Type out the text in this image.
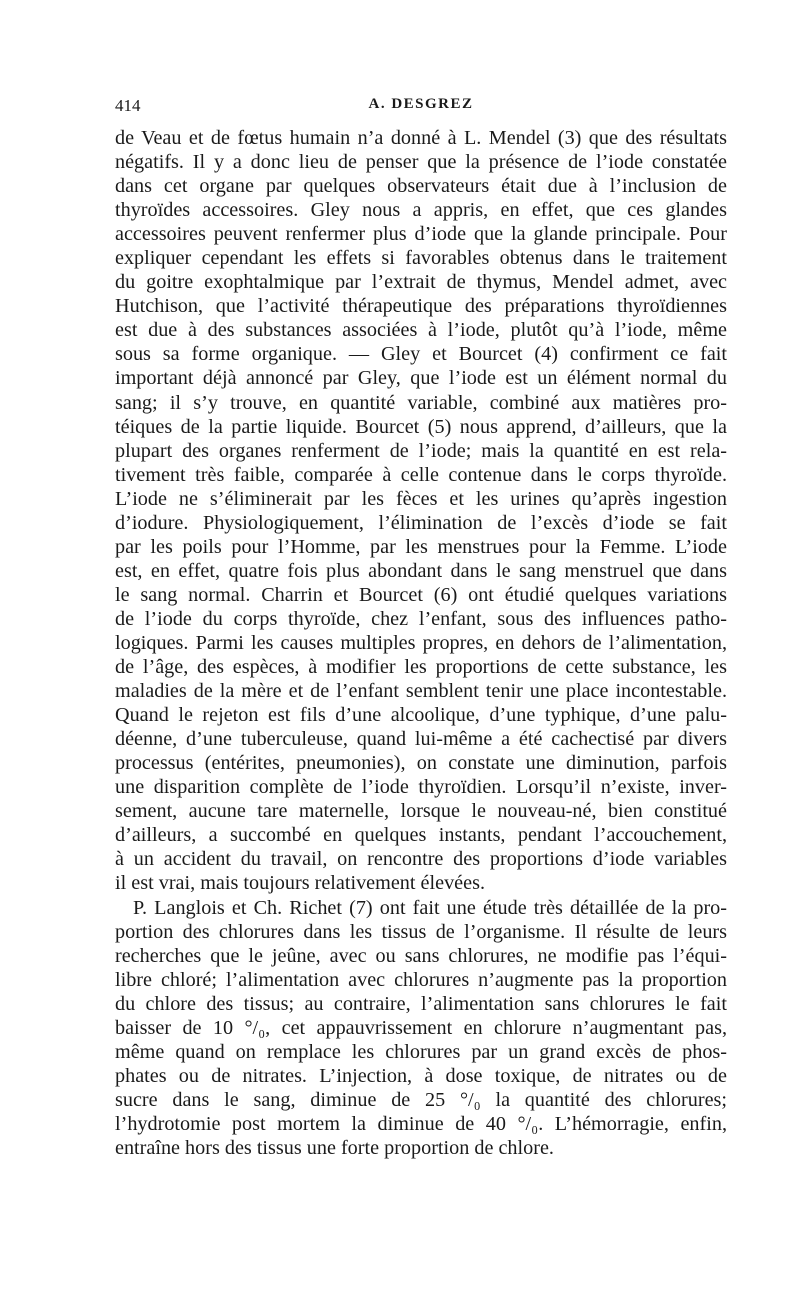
414	A. DESGREZ

de Veau et de fœtus humain n’a donné à L. Mendel (3) que des résultats
négatifs. Il y a donc lieu de penser que la présence de l’iode constatée
dans cet organe par quelques observateurs était due à l’inclusion de
thyroïdes accessoires. Gley nous a appris, en effet, que ces glandes
accessoires peuvent renfermer plus d’iode que la glande principale. Pour
expliquer cependant les effets si favorables obtenus dans le traitement
du goitre exophtalmique par l’extrait de thymus, Mendel admet, avec
Hutchison, que l’activité thérapeutique des préparations thyroïdiennes
est due à des substances associées à l’iode, plutôt qu’à l’iode, même
sous sa forme organique. — Gley et Bourcet (4) confirment ce fait
important déjà annoncé par Gley, que l’iode est un élément normal du
sang; il s’y trouve, en quantité variable, combiné aux matières pro-
téiques de la partie liquide. Bourcet (5) nous apprend, d’ailleurs, que la
plupart des organes renferment de l’iode; mais la quantité en est rela-
tivement très faible, comparée à celle contenue dans le corps thyroïde.
L’iode ne s’éliminerait par les fèces et les urines qu’après ingestion
d’iodure. Physiologiquement, l’élimination de l’excès d’iode se fait
par les poils pour l’Homme, par les menstrues pour la Femme. L’iode
est, en effet, quatre fois plus abondant dans le sang menstruel que dans
le sang normal. Charrin et Bourcet (6) ont étudié quelques variations
de l’iode du corps thyroïde, chez l’enfant, sous des influences patho-
logiques. Parmi les causes multiples propres, en dehors de l’alimentation,
de l’âge, des espèces, à modifier les proportions de cette substance, les
maladies de la mère et de l’enfant semblent tenir une place incontestable.
Quand le rejeton est fils d’une alcoolique, d’une typhique, d’une palu-
déenne, d’une tuberculeuse, quand lui-même a été cachectisé par divers
processus (entérites, pneumonies), on constate une diminution, parfois
une disparition complète de l’iode thyroïdien. Lorsqu’il n’existe, inver-
sement, aucune tare maternelle, lorsque le nouveau-né, bien constitué
d’ailleurs, a succombé en quelques instants, pendant l’accouchement,
à un accident du travail, on rencontre des proportions d’iode variables
il est vrai, mais toujours relativement élevées.

P. Langlois et Ch. Richet (7) ont fait une étude très détaillée de la pro-
portion des chlorures dans les tissus de l’organisme. Il résulte de leurs
recherches que le jeûne, avec ou sans chlorures, ne modifie pas l’équi-
libre chloré; l’alimentation avec chlorures n’augmente pas la proportion
du chlore des tissus; au contraire, l’alimentation sans chlorures le fait
baisser de 10 °/₀, cet appauvrissement en chlorure n’augmentant pas,
même quand on remplace les chlorures par un grand excès de phos-
phates ou de nitrates. L’injection, à dose toxique, de nitrates ou de
sucre dans le sang, diminue de 25 °/₀ la quantité des chlorures;
l’hydrotomie post mortem la diminue de 40 °/₀. L’hémorragie, enfin,
entraîne hors des tissus une forte proportion de chlore.
